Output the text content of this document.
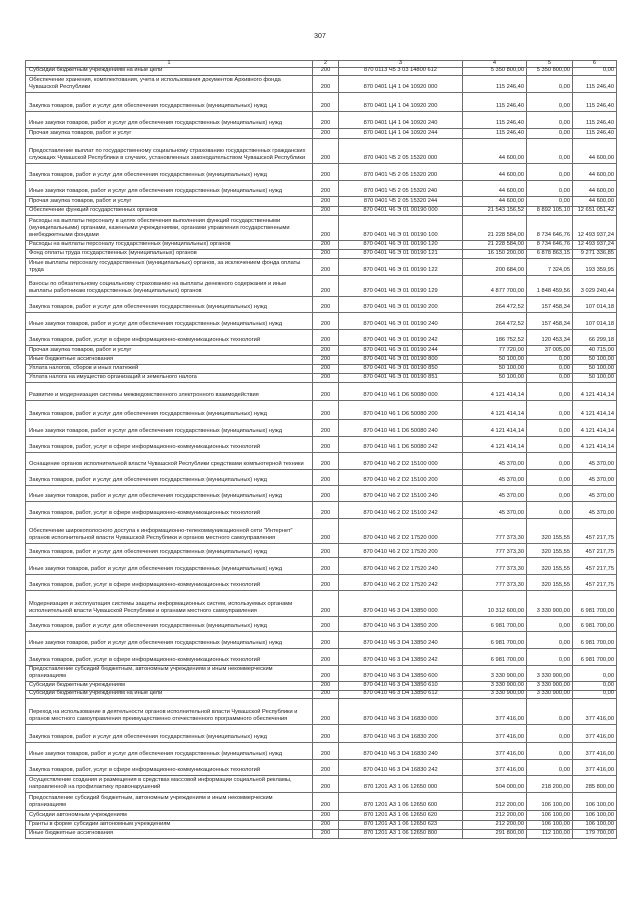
307
1	2	3	4	5	6
Субсидии бюджетным учреждениям на иные цели	200	870 0113 Ч5 3 03 14800 612	5 350 800,00	5 350 800,00	0,00
Обеспечение хранения, комплектования, учета и использования документов Архивного фонда Чувашской Республики	200	870 0401 Ц4 1 04 10920 000	115 246,40	0,00	115 246,40
Закупка товаров, работ и услуг для обеспечения государственных (муниципальных) нужд	200	870 0401 Ц4 1 04 10920 200	115 246,40	0,00	115 246,40
Иные закупки товаров, работ и услуг для обеспечения государственных (муниципальных) нужд	200	870 0401 Ц4 1 04 10920 240	115 246,40	0,00	115 246,40
Прочая закупка товаров, работ и услуг	200	870 0401 Ц4 1 04 10920 244	115 246,40	0,00	115 246,40
Предоставление выплат по государственному социальному страхованию государственных гражданских служащих Чувашской Республики в случаях, установленных законодательством Чувашской Республики	200	870 0401 Ч5 2 05 15320 000	44 600,00	0,00	44 600,00
Закупка товаров, работ и услуг для обеспечения государственных (муниципальных) нужд	200	870 0401 Ч5 2 05 15320 200	44 600,00	0,00	44 600,00
Иные закупки товаров, работ и услуг для обеспечения государственных (муниципальных) нужд	200	870 0401 Ч5 2 05 15320 240	44 600,00	0,00	44 600,00
Прочая закупка товаров, работ и услуг	200	870 0401 Ч5 2 05 15320 244	44 600,00	0,00	44 600,00
Обеспечение функций государственных органов	200	870 0401 Ч6 Э 01 00190 000	21 543 156,52	8 892 105,10	12 651 051,42
Расходы на выплаты персоналу в целях обеспечения выполнения функций государственными (муниципальными) органами, казенными учреждениями, органами управления государственными внебюджетными фондами	200	870 0401 Ч6 Э 01 00190 100	21 228 584,00	8 734 646,76	12 493 937,24
Расходы на выплаты персоналу государственных (муниципальных) органов	200	870 0401 Ч6 Э 01 00190 120	21 228 584,00	8 734 646,76	12 493 937,24
Фонд оплаты труда государственных (муниципальных) органов	200	870 0401 Ч6 Э 01 00190 121	16 150 200,00	6 878 863,15	9 271 336,85
Иные выплаты персоналу государственных (муниципальных) органов, за исключением фонда оплаты труда	200	870 0401 Ч6 Э 01 00190 122	200 684,00	7 324,05	193 359,95
Взносы по обязательному социальному страхованию на выплаты денежного содержания и иные выплаты работникам государственных (муниципальных) органов	200	870 0401 Ч6 Э 01 00190 129	4 877 700,00	1 848 459,56	3 029 240,44
Закупка товаров, работ и услуг для обеспечения государственных (муниципальных) нужд	200	870 0401 Ч6 Э 01 00190 200	264 472,52	157 458,34	107 014,18
Иные закупки товаров, работ и услуг для обеспечения государственных (муниципальных) нужд	200	870 0401 Ч6 Э 01 00190 240	264 472,52	157 458,34	107 014,18
Закупка товаров, работ, услуг в сфере информационно-коммуникационных технологий	200	870 0401 Ч6 Э 01 00190 242	186 752,52	120 453,34	66 299,18
Прочая закупка товаров, работ и услуг	200	870 0401 Ч6 Э 01 00190 244	77 720,00	37 005,00	40 715,00
Иные бюджетные ассигнования	200	870 0401 Ч6 Э 01 00190 800	50 100,00	0,00	50 100,00
Уплата налогов, сборов и иных платежей	200	870 0401 Ч6 Э 01 00190 850	50 100,00	0,00	50 100,00
Уплата налога на имущество организаций и земельного налога	200	870 0401 Ч6 Э 01 00190 851	50 100,00	0,00	50 100,00
Развитие и модернизация системы межведомственного электронного взаимодействия	200	870 0410 Ч6 1 D6 50080 000	4 121 414,14	0,00	4 121 414,14
Закупка товаров, работ и услуг для обеспечения государственных (муниципальных) нужд	200	870 0410 Ч6 1 D6 50080 200	4 121 414,14	0,00	4 121 414,14
Иные закупки товаров, работ и услуг для обеспечения государственных (муниципальных) нужд	200	870 0410 Ч6 1 D6 50080 240	4 121 414,14	0,00	4 121 414,14
Закупка товаров, работ, услуг в сфере информационно-коммуникационных технологий	200	870 0410 Ч6 1 D6 50080 242	4 121 414,14	0,00	4 121 414,14
Оснащение органов исполнительной власти Чувашской Республики средствами компьютерной техники	200	870 0410 Ч6 2 D2 15100 000	45 370,00	0,00	45 370,00
Закупка товаров, работ и услуг для обеспечения государственных (муниципальных) нужд	200	870 0410 Ч6 2 D2 15100 200	45 370,00	0,00	45 370,00
Иные закупки товаров, работ и услуг для обеспечения государственных (муниципальных) нужд	200	870 0410 Ч6 2 D2 15100 240	45 370,00	0,00	45 370,00
Закупка товаров, работ, услуг в сфере информационно-коммуникационных технологий	200	870 0410 Ч6 2 D2 15100 242	45 370,00	0,00	45 370,00
Обеспечение широкополосного доступа к информационно-телекоммуникационной сети "Интернет" органов исполнительной власти Чувашской Республики и органов местного самоуправления	200	870 0410 Ч6 2 D2 17520 000	777 373,30	320 155,55	457 217,75
Закупка товаров, работ и услуг для обеспечения государственных (муниципальных) нужд	200	870 0410 Ч6 2 D2 17520 200	777 373,30	320 155,55	457 217,75
Иные закупки товаров, работ и услуг для обеспечения государственных (муниципальных) нужд	200	870 0410 Ч6 2 D2 17520 240	777 373,30	320 155,55	457 217,75
Закупка товаров, работ, услуг в сфере информационно-коммуникационных технологий	200	870 0410 Ч6 2 D2 17520 242	777 373,30	320 155,55	457 217,75
Модернизация и эксплуатация системы защиты информационных систем, используемых органами исполнительной власти Чувашской Республики и органами местного самоуправления	200	870 0410 Ч6 3 D4 13850 000	10 312 600,00	3 330 900,00	6 981 700,00
Закупка товаров, работ и услуг для обеспечения государственных (муниципальных) нужд	200	870 0410 Ч6 3 D4 13850 200	6 981 700,00	0,00	6 981 700,00
Иные закупки товаров, работ и услуг для обеспечения государственных (муниципальных) нужд	200	870 0410 Ч6 3 D4 13850 240	6 981 700,00	0,00	6 981 700,00
Закупка товаров, работ, услуг в сфере информационно-коммуникационных технологий	200	870 0410 Ч6 3 D4 13850 242	6 981 700,00	0,00	6 981 700,00
Предоставление субсидий бюджетным, автономным учреждениям и иным некоммерческим организациям	200	870 0410 Ч6 3 D4 13850 600	3 330 900,00	3 330 900,00	0,00
Субсидии бюджетным учреждениям	200	870 0410 Ч6 3 D4 13850 610	3 330 900,00	3 330 900,00	0,00
Субсидии бюджетным учреждениям на иные цели	200	870 0410 Ч6 3 D4 13850 612	3 330 900,00	3 330 900,00	0,00
Переход на использование в деятельности органов исполнительной власти Чувашской Республики и органов местного самоуправления преимущественно отечественного программного обеспечения	200	870 0410 Ч6 3 D4 16830 000	377 416,00	0,00	377 416,00
Закупка товаров, работ и услуг для обеспечения государственных (муниципальных) нужд	200	870 0410 Ч6 3 D4 16830 200	377 416,00	0,00	377 416,00
Иные закупки товаров, работ и услуг для обеспечения государственных (муниципальных) нужд	200	870 0410 Ч6 3 D4 16830 240	377 416,00	0,00	377 416,00
Закупка товаров, работ, услуг в сфере информационно-коммуникационных технологий	200	870 0410 Ч6 3 D4 16830 242	377 416,00	0,00	377 416,00
Осуществление создания и размещения в средствах массовой информации социальной рекламы, направленной на профилактику правонарушений	200	870 1201 А3 1 06 12650 000	504 000,00	218 200,00	285 800,00
Предоставление субсидий бюджетным, автономным учреждениям и иным некоммерческим организациям	200	870 1201 А3 1 06 12650 600	212 200,00	106 100,00	106 100,00
Субсидии автономным учреждениям	200	870 1201 А3 1 06 12650 620	212 200,00	106 100,00	106 100,00
Гранты в форме субсидии автономным учреждениям	200	870 1201 А3 1 06 12650 623	212 200,00	106 100,00	106 100,00
Иные бюджетные ассигнования	200	870 1201 А3 1 06 12650 800	291 800,00	112 100,00	179 700,00
